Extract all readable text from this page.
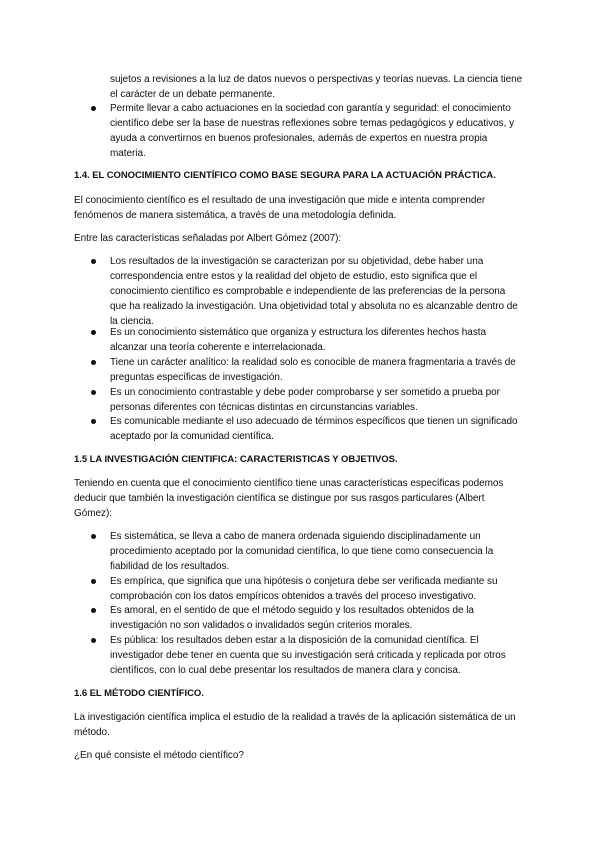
sujetos a revisiones a la luz de datos nuevos o perspectivas y teorías nuevas. La ciencia tiene
el carácter de un debate permanente.
Permite llevar a cabo actuaciones en la sociedad con garantía y seguridad: el conocimiento
científico debe ser la base de nuestras reflexiones sobre temas pedagógicos y educativos, y
ayuda a convertirnos en buenos profesionales, además de expertos en nuestra propia
materia.
1.4. EL CONOCIMIENTO CIENTÍFICO COMO BASE SEGURA PARA LA ACTUACIÓN PRÁCTICA.
El conocimiento científico es el resultado de una investigación que mide e intenta comprender
fenómenos de manera sistemática, a través de una metodología definida.
Entre las características señaladas por Albert Gómez (2007):
Los resultados de la investigación se caracterizan por su objetividad, debe haber una
correspondencia entre estos y la realidad del objeto de estudio, esto significa que el
conocimiento científico es comprobable e independiente de las preferencias de la persona
que ha realizado la investigación. Una objetividad total y absoluta no es alcanzable dentro de
la ciencia.
Es un conocimiento sistemático que organiza y estructura los diferentes hechos hasta
alcanzar una teoría coherente e interrelacionada.
Tiene un carácter analítico: la realidad solo es conocible de manera fragmentaria a través de
preguntas específicas de investigación.
Es un conocimiento contrastable y debe poder comprobarse y ser sometido a prueba por
personas diferentes con técnicas distintas en circunstancias variables.
Es comunicable mediante el uso adecuado de términos específicos que tienen un significado
aceptado por la comunidad científica.
1.5 LA INVESTIGACIÓN CIENTIFICA: CARACTERISTICAS Y OBJETIVOS.
Teniendo en cuenta que el conocimiento científico tiene unas características específicas podemos
deducir que también la investigación científica se distingue por sus rasgos particulares (Albert
Gómez):
Es sistemática, se lleva a cabo de manera ordenada siguiendo disciplinadamente un
procedimiento aceptado por la comunidad científica, lo que tiene como consecuencia la
fiabilidad de los resultados.
Es empírica, que significa que una hipótesis o conjetura debe ser verificada mediante su
comprobación con los datos empíricos obtenidos a través del proceso investigativo.
Es amoral, en el sentido de que el método seguido y los resultados obtenidos de la
investigación no son validados o invalidados según criterios morales.
Es pública: los resultados deben estar a la disposición de la comunidad científica. El
investigador debe tener en cuenta que su investigación será criticada y replicada por otros
científicos, con lo cual debe presentar los resultados de manera clara y concisa.
1.6 EL MÉTODO CIENTÍFICO.
La investigación científica implica el estudio de la realidad a través de la aplicación sistemática de un
método.
¿En qué consiste el método científico?
